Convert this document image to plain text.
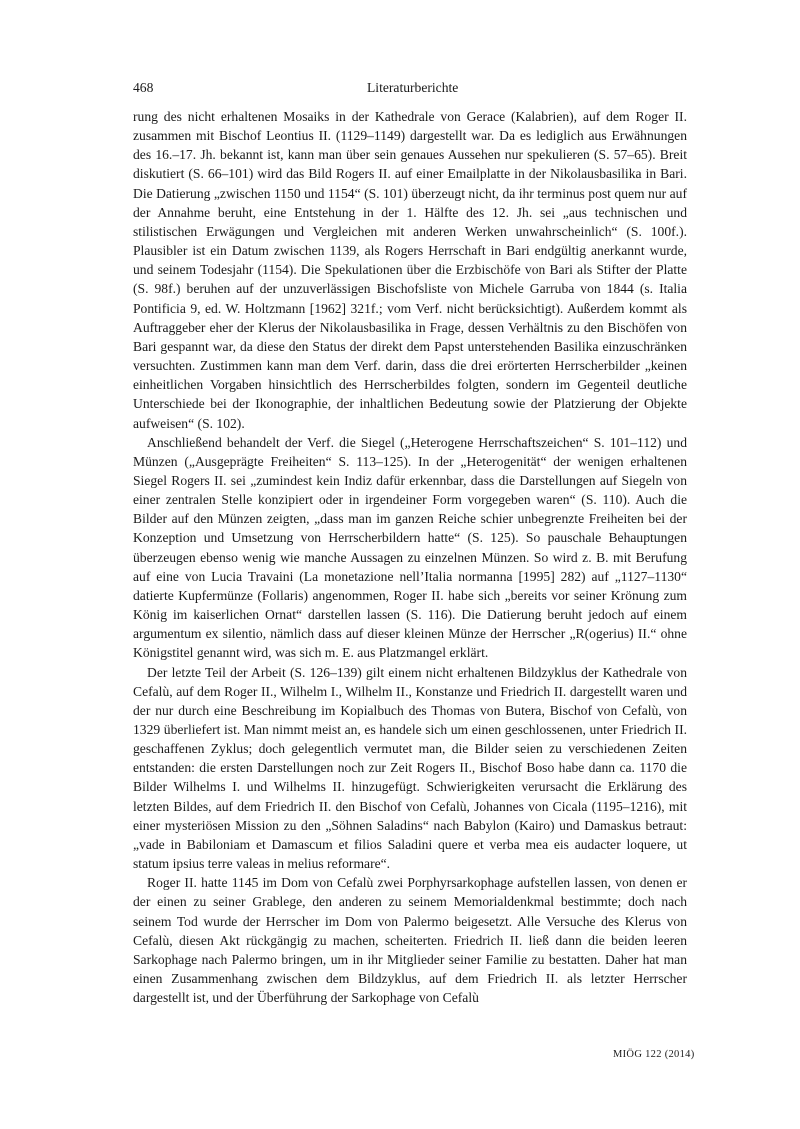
468	Literaturberichte

rung des nicht erhaltenen Mosaiks in der Kathedrale von Gerace (Kalabrien), auf dem Roger II. zusammen mit Bischof Leontius II. (1129–1149) dargestellt war. Da es lediglich aus Erwähnungen des 16.–17. Jh. bekannt ist, kann man über sein genaues Aussehen nur spekulieren (S. 57–65). Breit diskutiert (S. 66–101) wird das Bild Rogers II. auf einer Emailplatte in der Nikolausbasilika in Bari. Die Datierung „zwischen 1150 und 1154“ (S. 101) überzeugt nicht, da ihr terminus post quem nur auf der Annahme beruht, eine Entstehung in der 1. Hälfte des 12. Jh. sei „aus technischen und stilistischen Erwägungen und Vergleichen mit anderen Werken unwahrscheinlich“ (S. 100f.). Plausibler ist ein Datum zwischen 1139, als Rogers Herrschaft in Bari endgültig anerkannt wurde, und seinem Todesjahr (1154). Die Spekulationen über die Erzbischöfe von Bari als Stifter der Platte (S. 98f.) beruhen auf der unzuverlässigen Bischofsliste von Michele Garruba von 1844 (s. Italia Pontificia 9, ed. W. Holtzmann [1962] 321f.; vom Verf. nicht berücksichtigt). Außerdem kommt als Auftraggeber eher der Klerus der Nikolausbasilika in Frage, dessen Verhältnis zu den Bischöfen von Bari gespannt war, da diese den Status der direkt dem Papst unterstehenden Basilika einzuschränken versuchten. Zustimmen kann man dem Verf. darin, dass die drei erörterten Herrscherbilder „keinen einheitlichen Vorgaben hinsichtlich des Herrscherbildes folgten, sondern im Gegenteil deutliche Unterschiede bei der Ikonographie, der inhaltlichen Bedeutung sowie der Platzierung der Objekte aufweisen“ (S. 102).

Anschließend behandelt der Verf. die Siegel („Heterogene Herrschaftszeichen“ S. 101–112) und Münzen („Ausgeprägte Freiheiten“ S. 113–125). In der „Heterogenität“ der wenigen erhaltenen Siegel Rogers II. sei „zumindest kein Indiz dafür erkennbar, dass die Darstellungen auf Siegeln von einer zentralen Stelle konzipiert oder in irgendeiner Form vorgegeben waren“ (S. 110). Auch die Bilder auf den Münzen zeigten, „dass man im ganzen Reiche schier unbegrenzte Freiheiten bei der Konzeption und Umsetzung von Herrscherbildern hatte“ (S. 125). So pauschale Behauptungen überzeugen ebenso wenig wie manche Aussagen zu einzelnen Münzen. So wird z. B. mit Berufung auf eine von Lucia Travaini (La monetazione nell’Italia normanna [1995] 282) auf „1127–1130“ datierte Kupfermünze (Follaris) angenommen, Roger II. habe sich „bereits vor seiner Krönung zum König im kaiserlichen Ornat“ darstellen lassen (S. 116). Die Datierung beruht jedoch auf einem argumentum ex silentio, nämlich dass auf dieser kleinen Münze der Herrscher „R(ogerius) II.“ ohne Königstitel genannt wird, was sich m. E. aus Platzmangel erklärt.

Der letzte Teil der Arbeit (S. 126–139) gilt einem nicht erhaltenen Bildzyklus der Kathedrale von Cefalù, auf dem Roger II., Wilhelm I., Wilhelm II., Konstanze und Friedrich II. dargestellt waren und der nur durch eine Beschreibung im Kopialbuch des Thomas von Butera, Bischof von Cefalù, von 1329 überliefert ist. Man nimmt meist an, es handele sich um einen geschlossenen, unter Friedrich II. geschaffenen Zyklus; doch gelegentlich vermutet man, die Bilder seien zu verschiedenen Zeiten entstanden: die ersten Darstellungen noch zur Zeit Rogers II., Bischof Boso habe dann ca. 1170 die Bilder Wilhelms I. und Wilhelms II. hinzugefügt. Schwierigkeiten verursacht die Erklärung des letzten Bildes, auf dem Friedrich II. den Bischof von Cefalù, Johannes von Cicala (1195–1216), mit einer mysteriösen Mission zu den „Söhnen Saladins“ nach Babylon (Kairo) und Damaskus betraut: „vade in Babiloniam et Damascum et filios Saladini quere et verba mea eis audacter loquere, ut statum ipsius terre valeas in melius reformare“.

Roger II. hatte 1145 im Dom von Cefalù zwei Porphyrsarkophage aufstellen lassen, von denen er der einen zu seiner Grablege, den anderen zu seinem Memorialdenkmal bestimmte; doch nach seinem Tod wurde der Herrscher im Dom von Palermo beigesetzt. Alle Versuche des Klerus von Cefalù, diesen Akt rückgängig zu machen, scheiterten. Friedrich II. ließ dann die beiden leeren Sarkophage nach Palermo bringen, um in ihr Mitglieder seiner Familie zu bestatten. Daher hat man einen Zusammenhang zwischen dem Bildzyklus, auf dem Friedrich II. als letzter Herrscher dargestellt ist, und der Überführung der Sarkophage von Cefalù

MIÖG 122 (2014)
